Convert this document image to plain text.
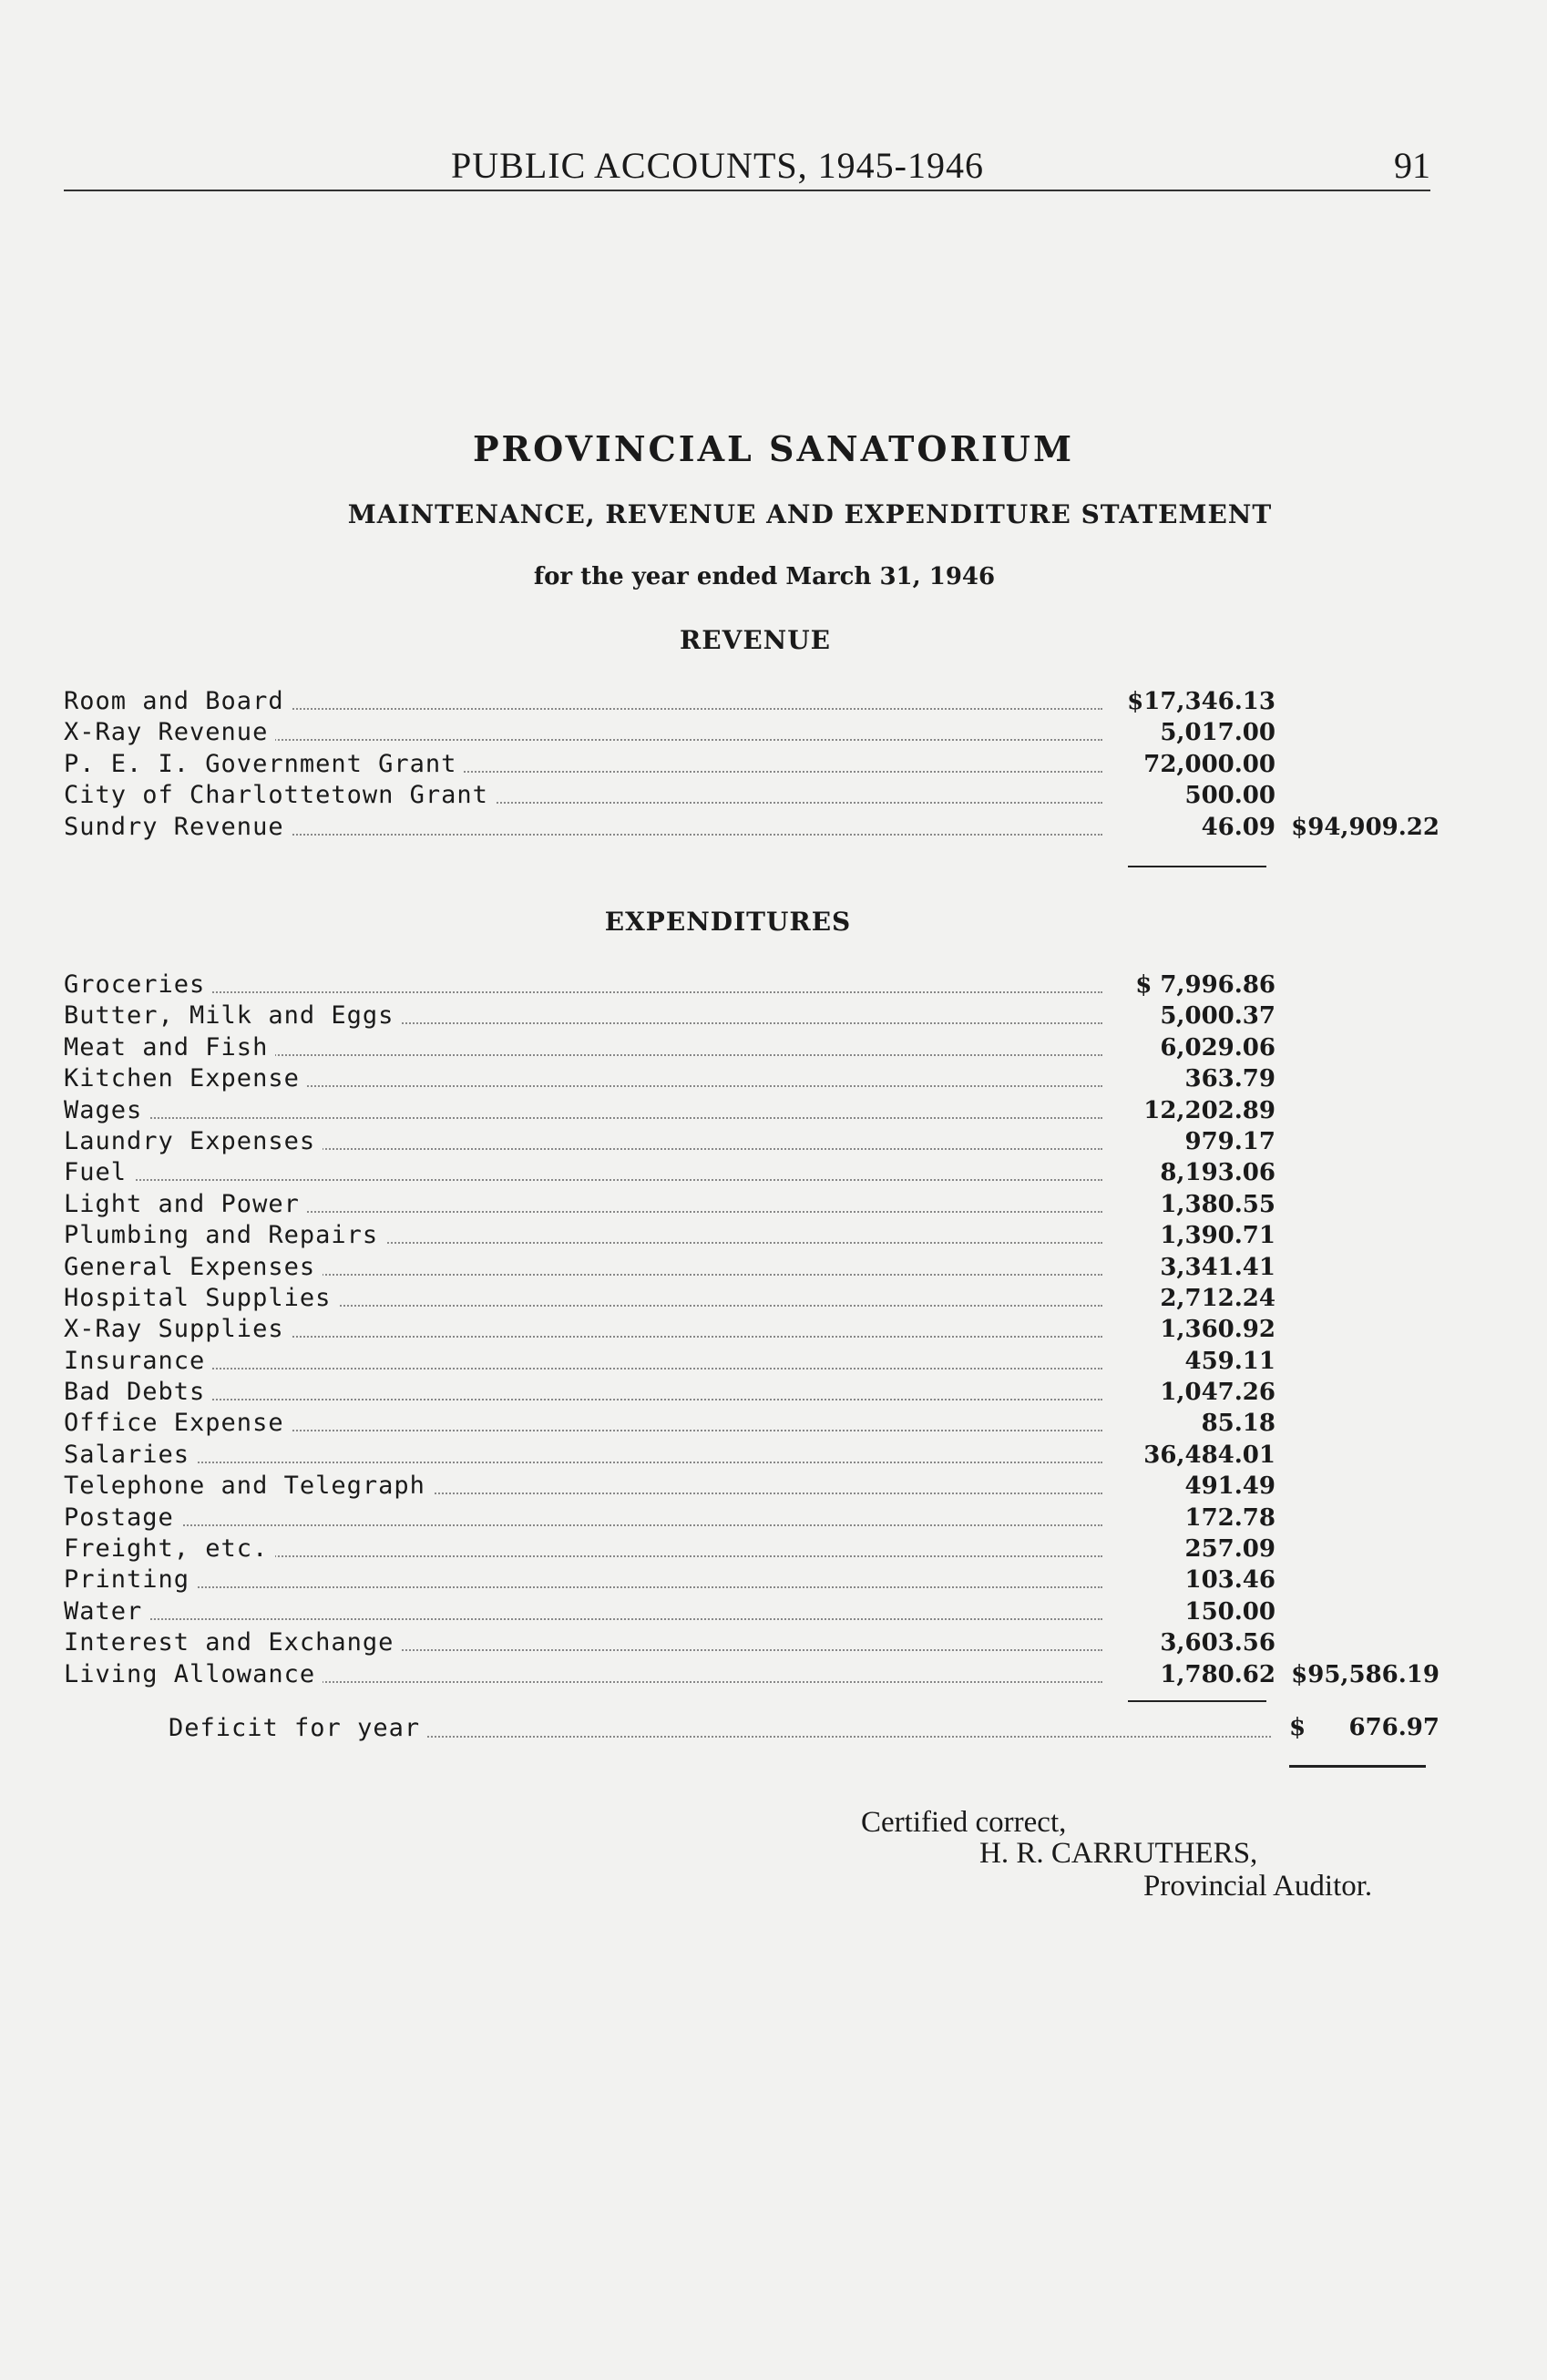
PUBLIC ACCOUNTS, 1945-1946	91
PROVINCIAL SANATORIUM
MAINTENANCE, REVENUE AND EXPENDITURE STATEMENT
for the year ended March 31, 1946
REVENUE
Room and Board	$17,346.13
X-Ray Revenue	5,017.00
P. E. I. Government Grant	72,000.00
City of Charlottetown Grant	500.00
Sundry Revenue	46.09 $94,909.22
EXPENDITURES
Groceries	$ 7,996.86
Butter, Milk and Eggs	5,000.37
Meat and Fish	6,029.06
Kitchen Expense	363.79
Wages	12,202.89
Laundry Expenses	979.17
Fuel	8,193.06
Light and Power	1,380.55
Plumbing and Repairs	1,390.71
General Expenses	3,341.41
Hospital Supplies	2,712.24
X-Ray Supplies	1,360.92
Insurance	459.11
Bad Debts	1,047.26
Office Expense	85.18
Salaries	36,484.01
Telephone and Telegraph	491.49
Postage	172.78
Freight, etc.	257.09
Printing	103.46
Water	150.00
Interest and Exchange	3,603.56
Living Allowance	1,780.62 $95,586.19
Deficit for year	$ 676.97
Certified correct,
H. R. CARRUTHERS,
Provincial Auditor.
